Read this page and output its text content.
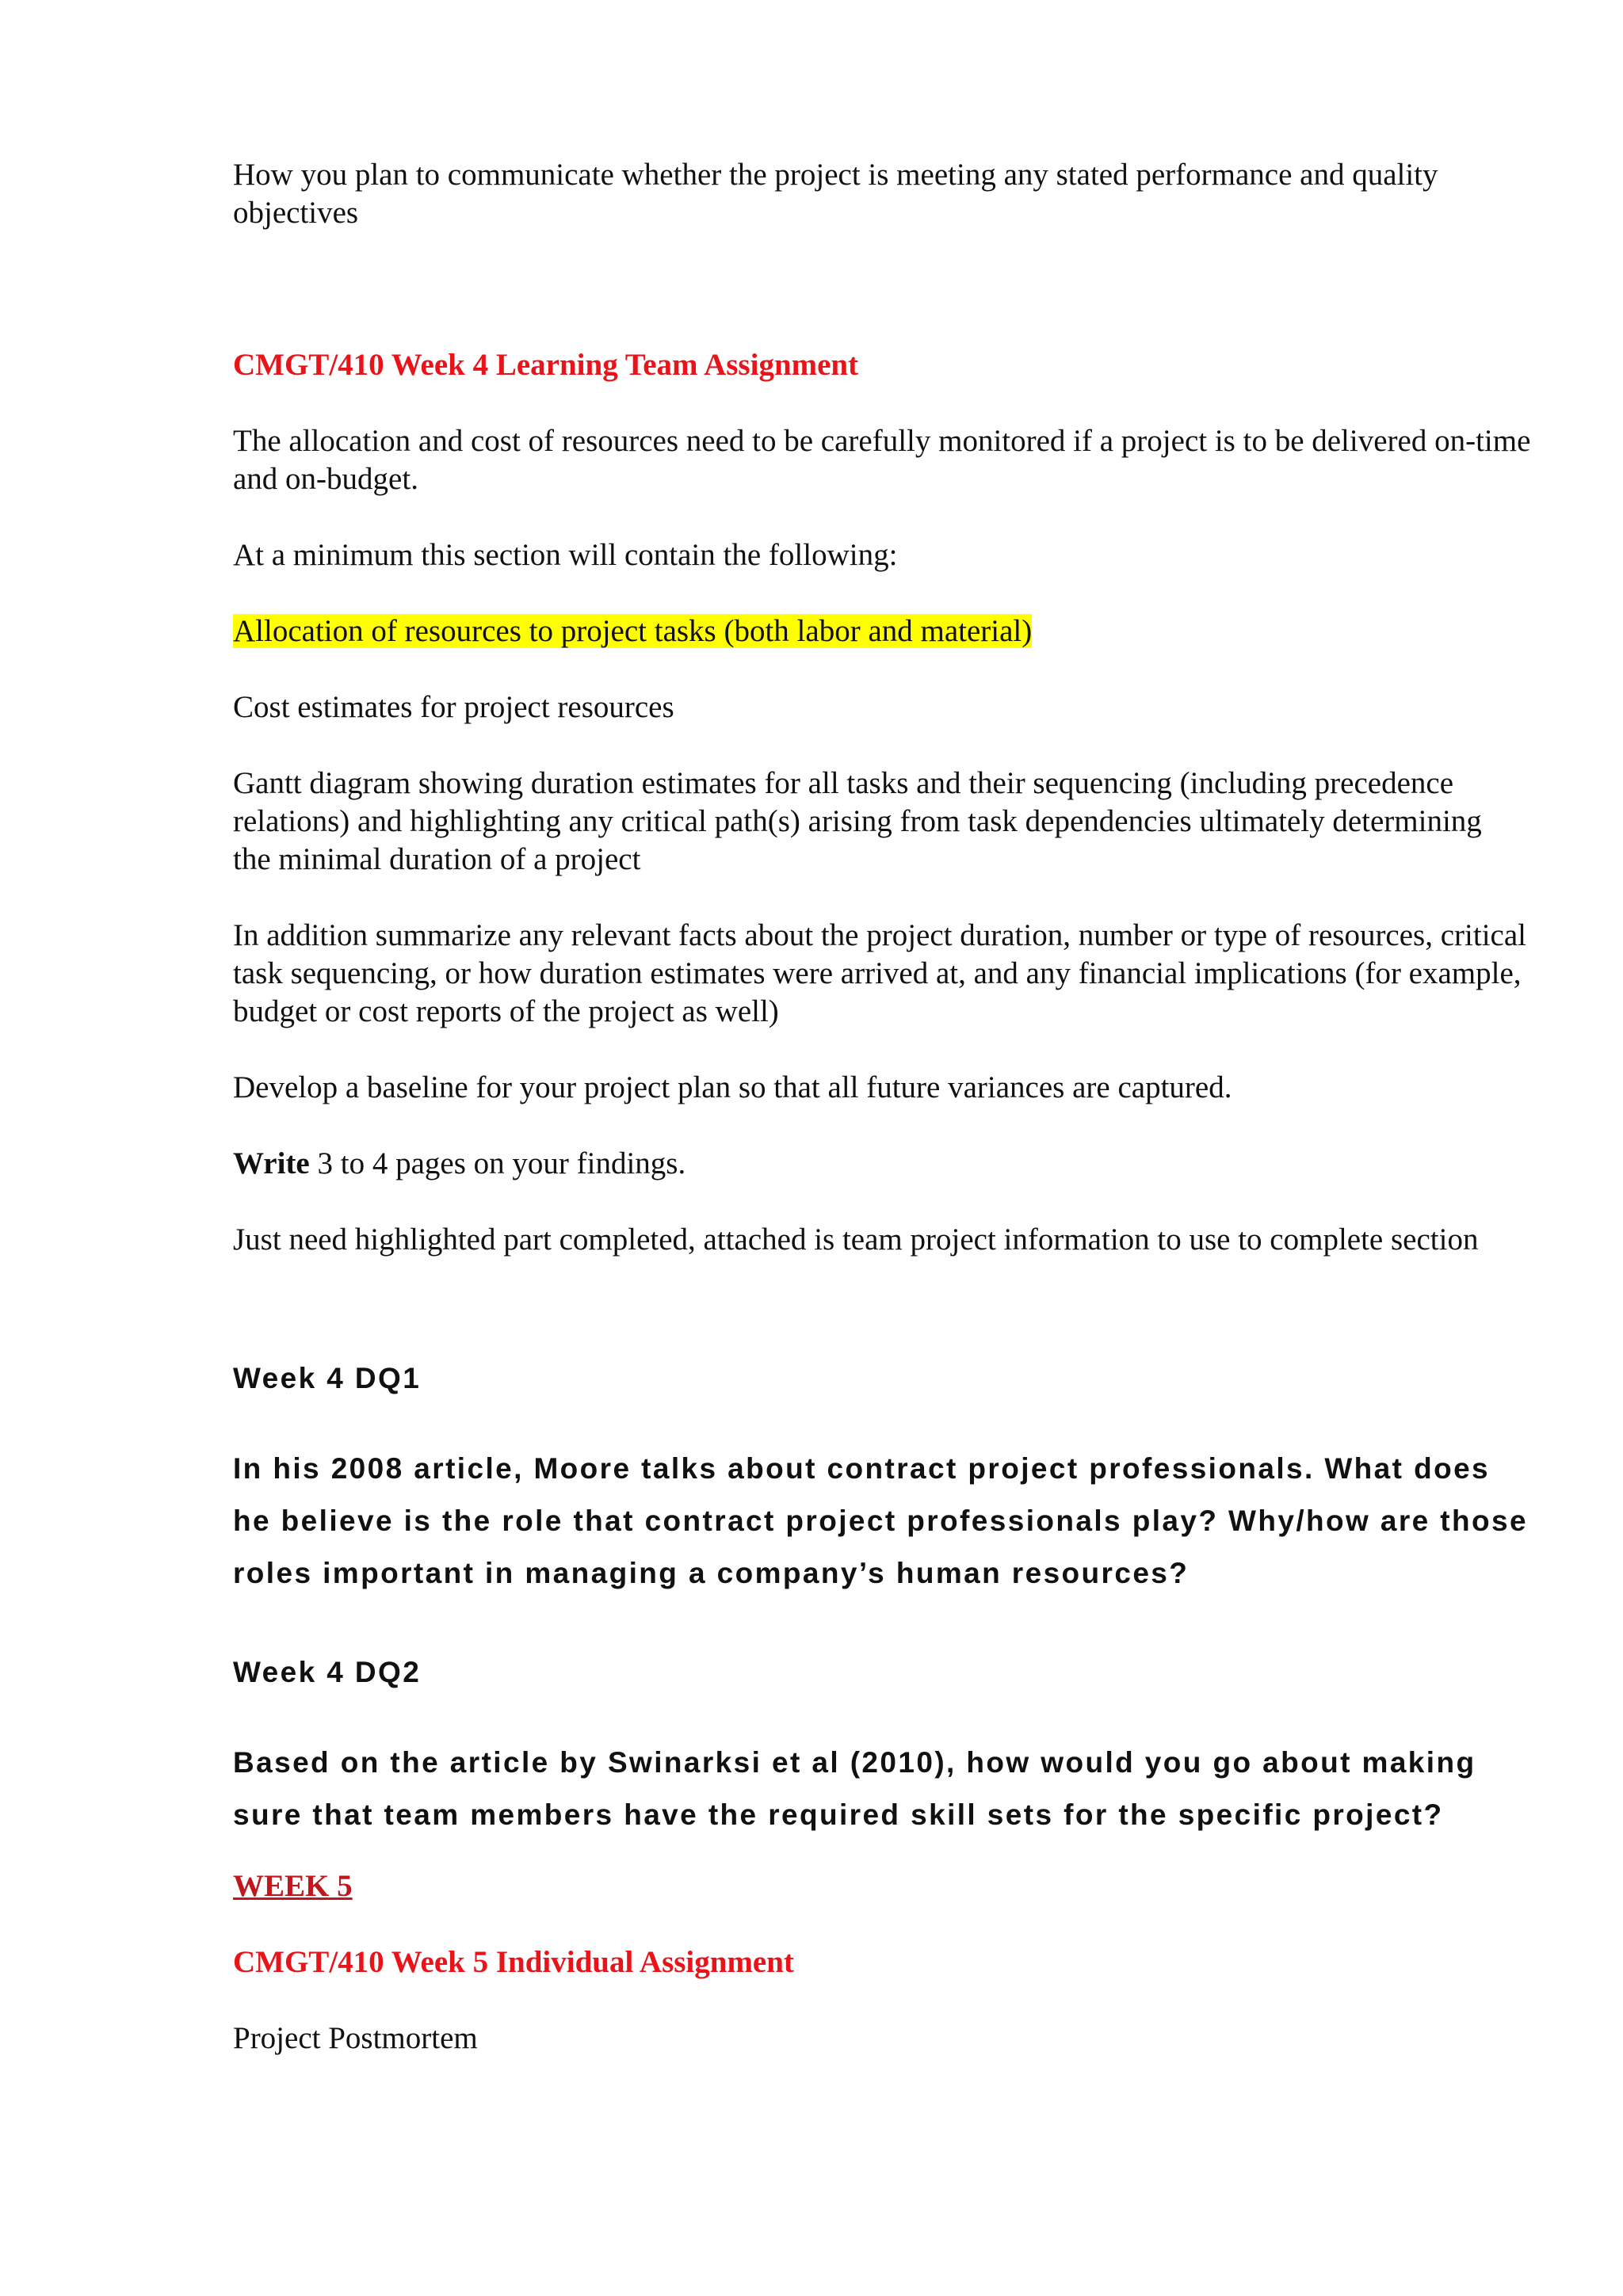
How you plan to communicate whether the project is meeting any stated performance and quality objectives

CMGT/410 Week 4 Learning Team Assignment

The allocation and cost of resources need to be carefully monitored if a project is to be delivered on-time and on-budget.

At a minimum this section will contain the following:

Allocation of resources to project tasks (both labor and material)

Cost estimates for project resources

Gantt diagram showing duration estimates for all tasks and their sequencing (including precedence relations) and highlighting any critical path(s) arising from task dependencies ultimately determining the minimal duration of a project

In addition summarize any relevant facts about the project duration, number or type of resources, critical task sequencing, or how duration estimates were arrived at, and any financial implications (for example, budget or cost reports of the project as well)

Develop a baseline for your project plan so that all future variances are captured.

Write 3 to 4 pages on your findings.

Just need highlighted part completed, attached is team project information to use to complete section

Week 4 DQ1

In his 2008 article, Moore talks about contract project professionals. What does he believe is the role that contract project professionals play? Why/how are those roles important in managing a company’s human resources?

Week 4 DQ2

Based on the article by Swinarksi et al (2010), how would you go about making sure that team members have the required skill sets for the specific project?

WEEK 5

CMGT/410 Week 5 Individual Assignment

Project Postmortem
